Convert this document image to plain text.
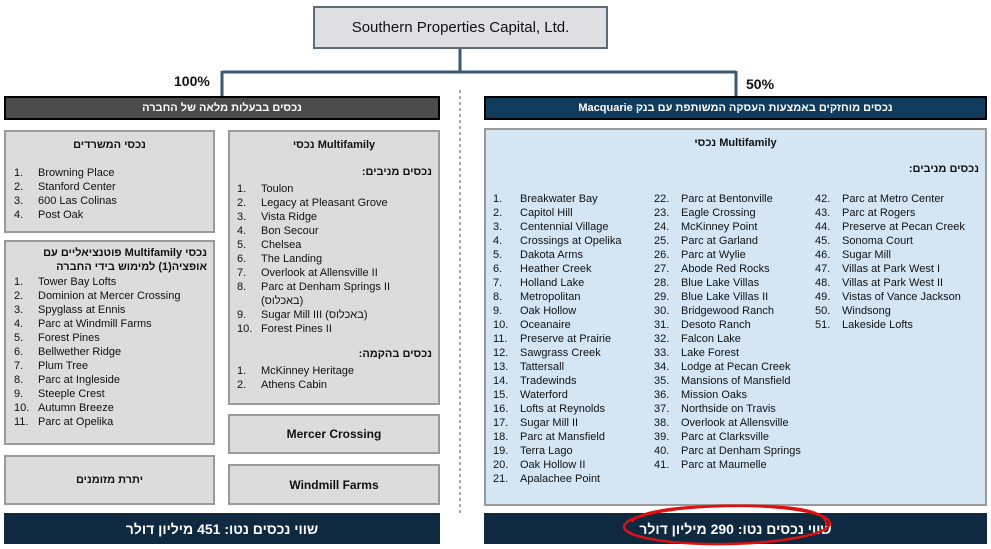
Southern Properties Capital, Ltd.
100%	50%
נכסים בבעלות מלאה של החברה	נכסים מוחזקים באמצעות העסקה המשותפת עם בנק Macquarie
נכסי המשרדים
1.	Browning Place
2.	Stanford Center
3.	600 Las Colinas
4.	Post Oak
נכסי Multifamily פוטנציאליים עם
אופציה(1) למימוש בידי החברה
1.	Tower Bay Lofts
2.	Dominion at Mercer Crossing
3.	Spyglass at Ennis
4.	Parc at Windmill Farms
5.	Forest Pines
6.	Bellwether Ridge
7.	Plum Tree
8.	Parc at Ingleside
9.	Steeple Crest
10. Autumn Breeze
11. Parc at Opelika
יתרת מזומנים
נכסי Multifamily
נכסים מניבים:
1.	Toulon
2.	Legacy at Pleasant Grove
3.	Vista Ridge
4.	Bon Secour
5.	Chelsea
6.	The Landing
7.	Overlook at Allensville II
8.	Parc at Denham Springs II
(באכלוס)
9.	Sugar Mill III (באכלוס)
10. Forest Pines II
נכסים בהקמה:
1.	McKinney Heritage
2.	Athens Cabin
Mercer Crossing
Windmill Farms
נכסי Multifamily
נכסים מניבים:
1.	Breakwater Bay
2.	Capitol Hill
3.	Centennial Village
4.	Crossings at Opelika
5.	Dakota Arms
6.	Heather Creek
7.	Holland Lake
8.	Metropolitan
9.	Oak Hollow
10.	Oceanaire
11.	Preserve at Prairie
12.	Sawgrass Creek
13.	Tattersall
14.	Tradewinds
15.	Waterford
16.	Lofts at Reynolds
17.	Sugar Mill II
18.	Parc at Mansfield
19.	Terra Lago
20.	Oak Hollow II
21.	Apalachee Point
22.	Parc at Bentonville
23.	Eagle Crossing
24.	McKinney Point
25.	Parc at Garland
26.	Parc at Wylie
27.	Abode Red Rocks
28.	Blue Lake Villas
29.	Blue Lake Villas II
30.	Bridgewood Ranch
31.	Desoto Ranch
32.	Falcon Lake
33.	Lake Forest
34.	Lodge at Pecan Creek
35.	Mansions of Mansfield
36.	Mission Oaks
37.	Northside on Travis
38.	Overlook at Allensville
39.	Parc at Clarksville
40.	Parc at Denham Springs
41.	Parc at Maumelle
42.	Parc at Metro Center
43.	Parc at Rogers
44.	Preserve at Pecan Creek
45.	Sonoma Court
46.	Sugar Mill
47.	Villas at Park West I
48.	Villas at Park West II
49.	Vistas of Vance Jackson
50.	Windsong
51.	Lakeside Lofts
שווי נכסים נטו: 451 מיליון דולר	שווי נכסים נטו: 290 מיליון דולר
